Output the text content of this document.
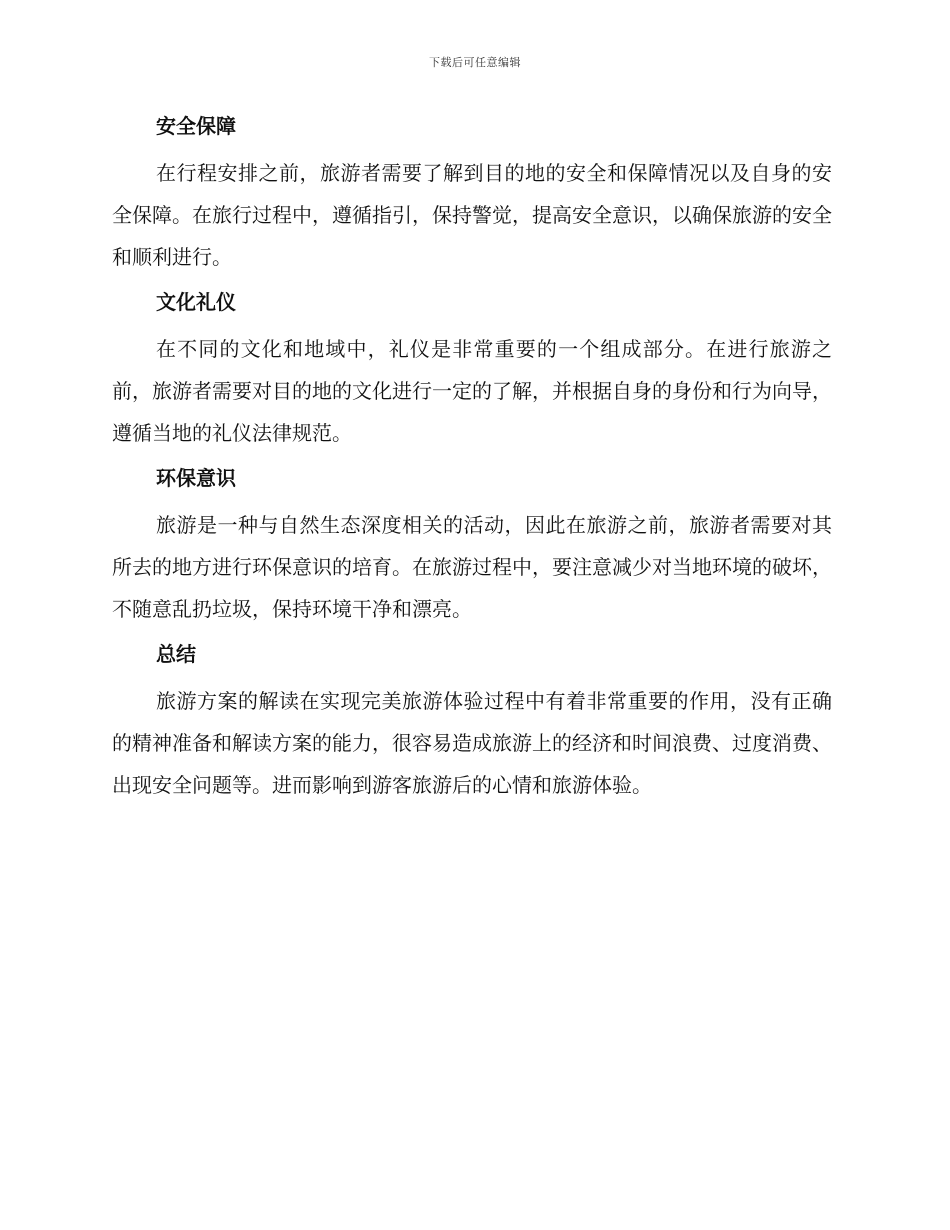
下载后可任意编辑
安全保障

在行程安排之前，旅游者需要了解到目的地的安全和保障情况以及自身的安全保障。在旅行过程中，遵循指引，保持警觉，提高安全意识，以确保旅游的安全和顺利进行。

文化礼仪

在不同的文化和地域中，礼仪是非常重要的一个组成部分。在进行旅游之前，旅游者需要对目的地的文化进行一定的了解，并根据自身的身份和行为向导，遵循当地的礼仪法律规范。

环保意识

旅游是一种与自然生态深度相关的活动，因此在旅游之前，旅游者需要对其所去的地方进行环保意识的培育。在旅游过程中，要注意减少对当地环境的破坏，不随意乱扔垃圾，保持环境干净和漂亮。

总结

旅游方案的解读在实现完美旅游体验过程中有着非常重要的作用，没有正确的精神准备和解读方案的能力，很容易造成旅游上的经济和时间浪费、过度消费、出现安全问题等。进而影响到游客旅游后的心情和旅游体验。
